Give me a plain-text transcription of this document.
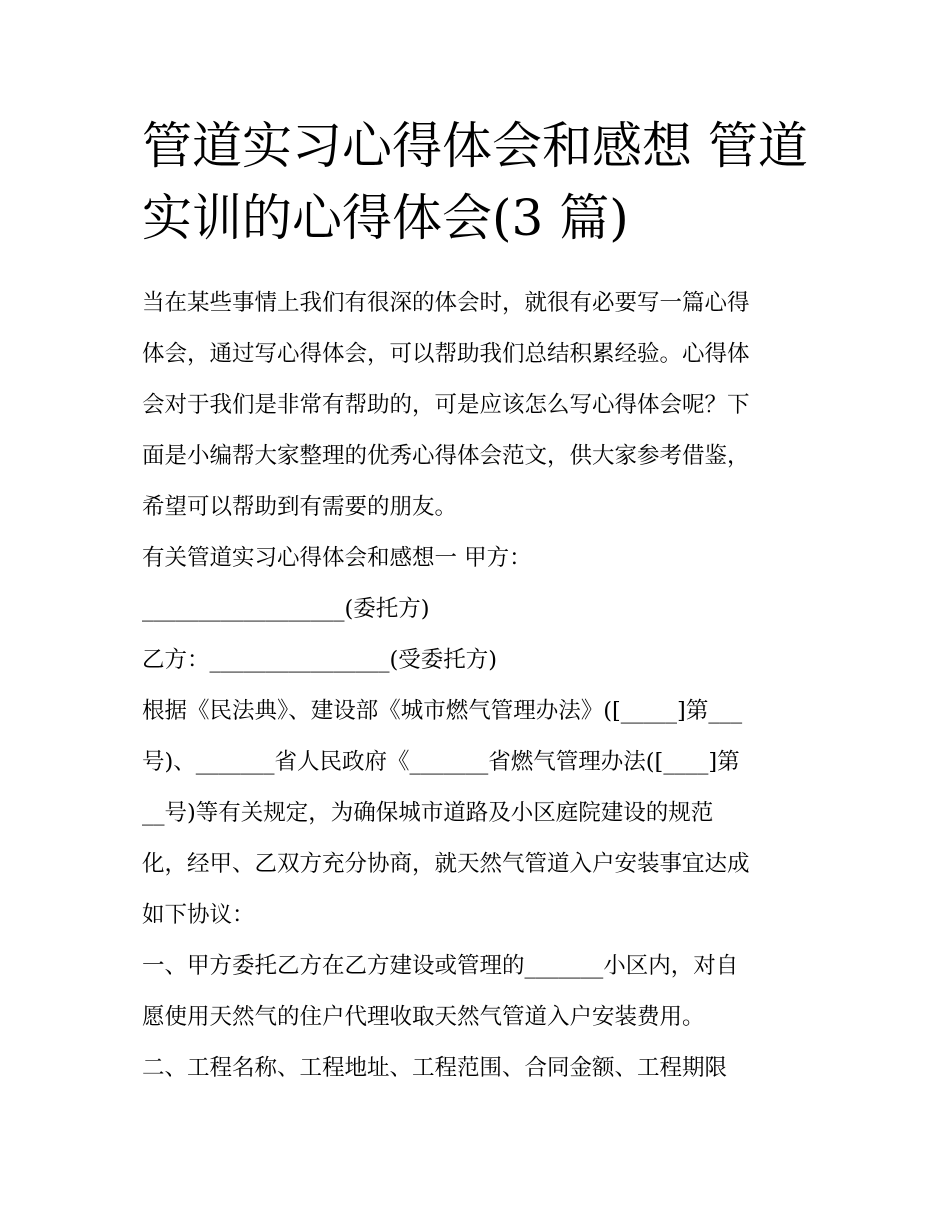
管道实习心得体会和感想 管道
实训的心得体会(3 篇)

当在某些事情上我们有很深的体会时，就很有必要写一篇心得
体会，通过写心得体会，可以帮助我们总结积累经验。心得体
会对于我们是非常有帮助的，可是应该怎么写心得体会呢？下
面是小编帮大家整理的优秀心得体会范文，供大家参考借鉴，
希望可以帮助到有需要的朋友。

有关管道实习心得体会和感想一 甲方：

__________________(委托方)

乙方：________________(受委托方)

根据《民法典》、建设部《城市燃气管理办法》([_____]第___
号)、_______省人民政府《_______省燃气管理办法([____]第
__号)等有关规定，为确保城市道路及小区庭院建设的规范
化，经甲、乙双方充分协商，就天然气管道入户安装事宜达成
如下协议：

一、甲方委托乙方在乙方建设或管理的_______小区内，对自
愿使用天然气的住户代理收取天然气管道入户安装费用。

二、工程名称、工程地址、工程范围、合同金额、工程期限
